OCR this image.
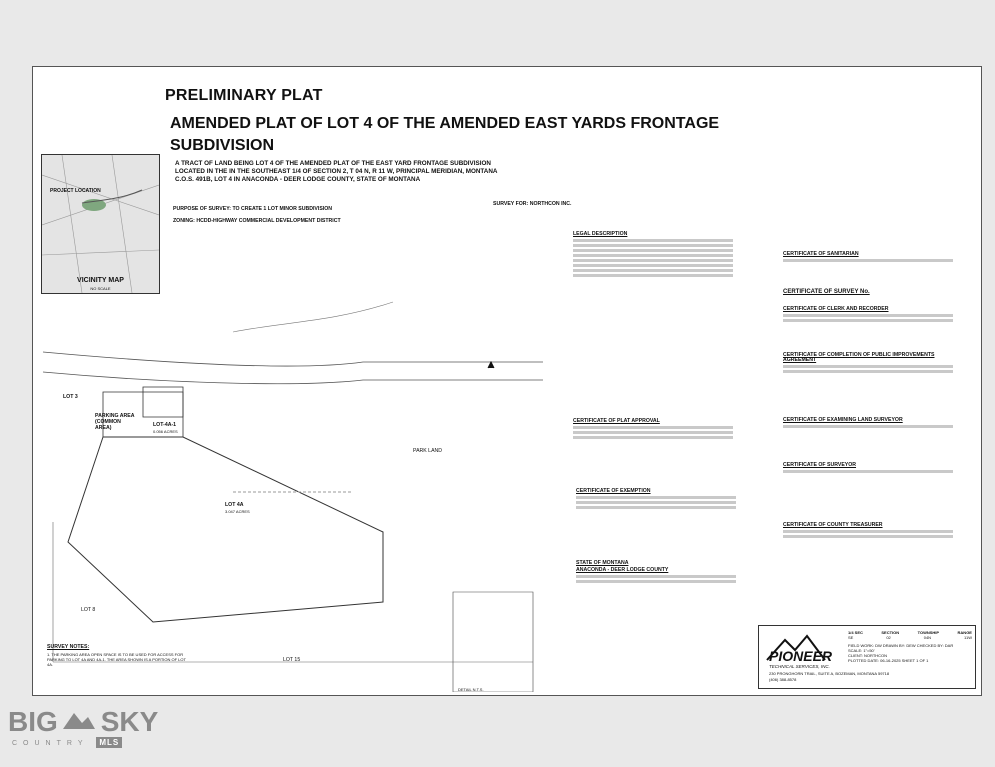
PRELIMINARY PLAT
AMENDED PLAT OF LOT 4 OF THE AMENDED EAST YARDS FRONTAGE SUBDIVISION
PROJECT LOCATION
VICINITY MAP
NO SCALE
A TRACT OF LAND BEING LOT 4 OF THE AMENDED PLAT OF THE EAST YARD FRONTAGE SUBDIVISION
LOCATED IN THE IN THE SOUTHEAST 1/4 OF SECTION 2, T 04 N, R 11 W, PRINCIPAL MERIDIAN, MONTANA
C.O.S. 491B, LOT 4 IN ANACONDA - DEER LODGE COUNTY, STATE OF MONTANA
PURPOSE OF SURVEY: TO CREATE 1 LOT MINOR SUBDIVISION
ZONING: HCDD-HIGHWAY COMMERCIAL DEVELOPMENT DISTRICT
SURVEY FOR: NORTHCON INC.
LOT 3
LOT-4A-1
0.056 ACRES
PARKING AREA (COMMON AREA)
LOT 4A
3.047 ACRES
PARK LAND
LOT 8
LOT 15
DETAIL N.T.S.
SURVEY NOTES:
1. THE PARKING AREA OPEN SPACE IS TO BE USED FOR ACCESS FOR PARKING TO LOT 4A AND 4A-1. THE AREA SHOWN IS A PORTION OF LOT 4A.
LEGAL DESCRIPTION
CERTIFICATE OF PLAT APPROVAL
CERTIFICATE OF EXEMPTION
STATE OF MONTANA
ANACONDA - DEER LODGE COUNTY
CERTIFICATE OF SANITARIAN
CERTIFICATE OF SURVEY No.
CERTIFICATE OF CLERK AND RECORDER
CERTIFICATE OF COMPLETION OF PUBLIC IMPROVEMENTS AGREEMENT
CERTIFICATE OF EXAMINING LAND SURVEYOR
CERTIFICATE OF SURVEYOR
CERTIFICATE OF COUNTY TREASURER
PIONEER
TECHNICAL SERVICES, INC.
230 PRONGHORN TRAIL, SUITE A, BOZEMAN, MONTANA 59718
(406) 388-8578
1/4 SEC	SECTION	TOWNSHIP	RANGE
SE	02	04N	11W
FIELD WORK: DW DRAWN BY: DEW CHECKED BY: DAR
SCALE: 1"=50'
CLIENT: NORTHCON
PLOTTED DATE: 06-16-2025 SHEET 1 OF 1
BIG SKY
COUNTRY MLS
